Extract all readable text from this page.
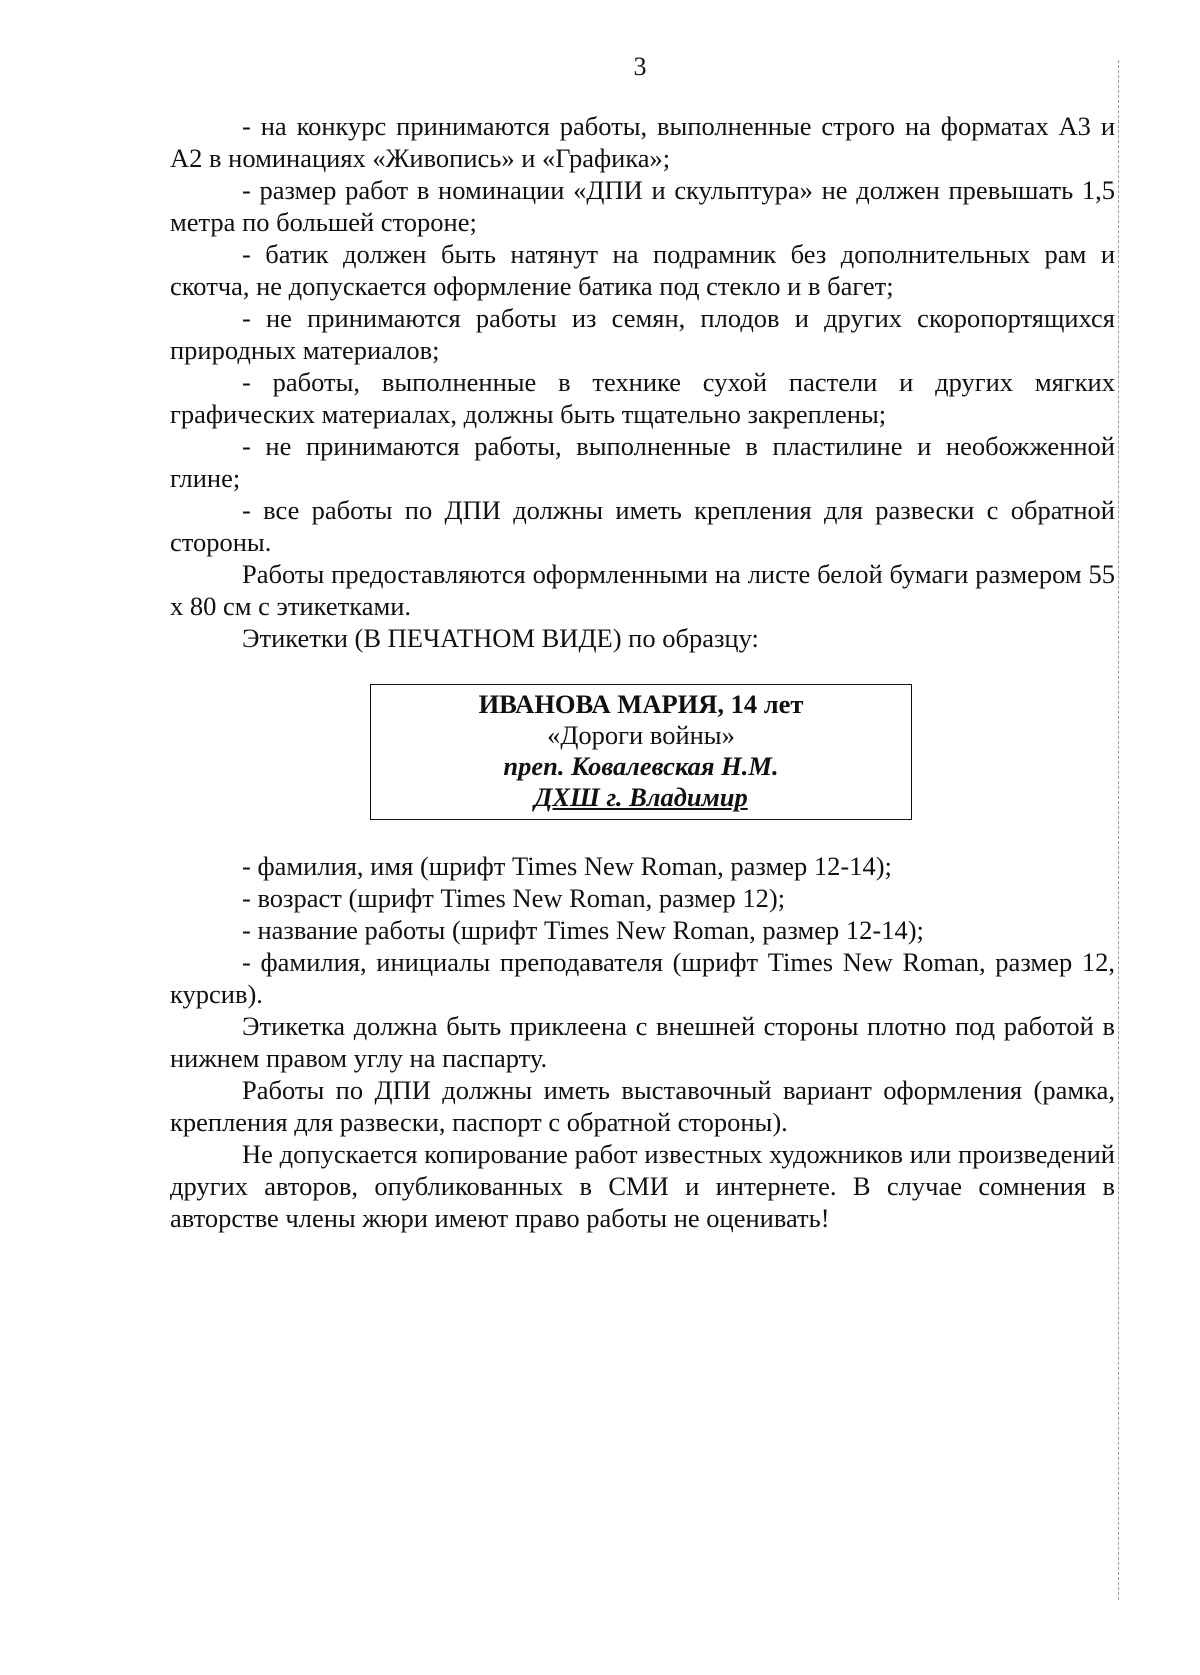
3

- на конкурс принимаются работы, выполненные строго на форматах А3 и А2 в номинациях «Живопись» и «Графика»;

- размер работ в номинации «ДПИ и скульптура» не должен превышать 1,5 метра по большей стороне;

- батик должен быть натянут на подрамник без дополнительных рам и скотча, не допускается оформление батика под стекло и в багет;

- не принимаются работы из семян, плодов и других скоропортящихся природных материалов;

- работы, выполненные в технике сухой пастели и других мягких графических материалах, должны быть тщательно закреплены;

- не принимаются работы, выполненные в пластилине и необожженной глине;

- все работы по ДПИ должны иметь крепления для развески с обратной стороны.

Работы предоставляются оформленными на листе белой бумаги размером 55 х 80 см с этикетками.

Этикетки (В ПЕЧАТНОМ ВИДЕ) по образцу:

ИВАНОВА МАРИЯ, 14 лет
«Дороги войны»
преп. Ковалевская Н.М.
ДХШ г. Владимир

- фамилия, имя (шрифт Times New Roman, размер 12-14);

- возраст (шрифт Times New Roman, размер 12);

- название работы (шрифт Times New Roman, размер 12-14);

- фамилия, инициалы преподавателя (шрифт Times New Roman, размер 12, курсив).

Этикетка должна быть приклеена с внешней стороны плотно под работой в нижнем правом углу на паспарту.

Работы по ДПИ должны иметь выставочный вариант оформления (рамка, крепления для развески, паспорт с обратной стороны).

Не допускается копирование работ известных художников или произведений других авторов, опубликованных в СМИ и интернете. В случае сомнения в авторстве члены жюри имеют право работы не оценивать!
